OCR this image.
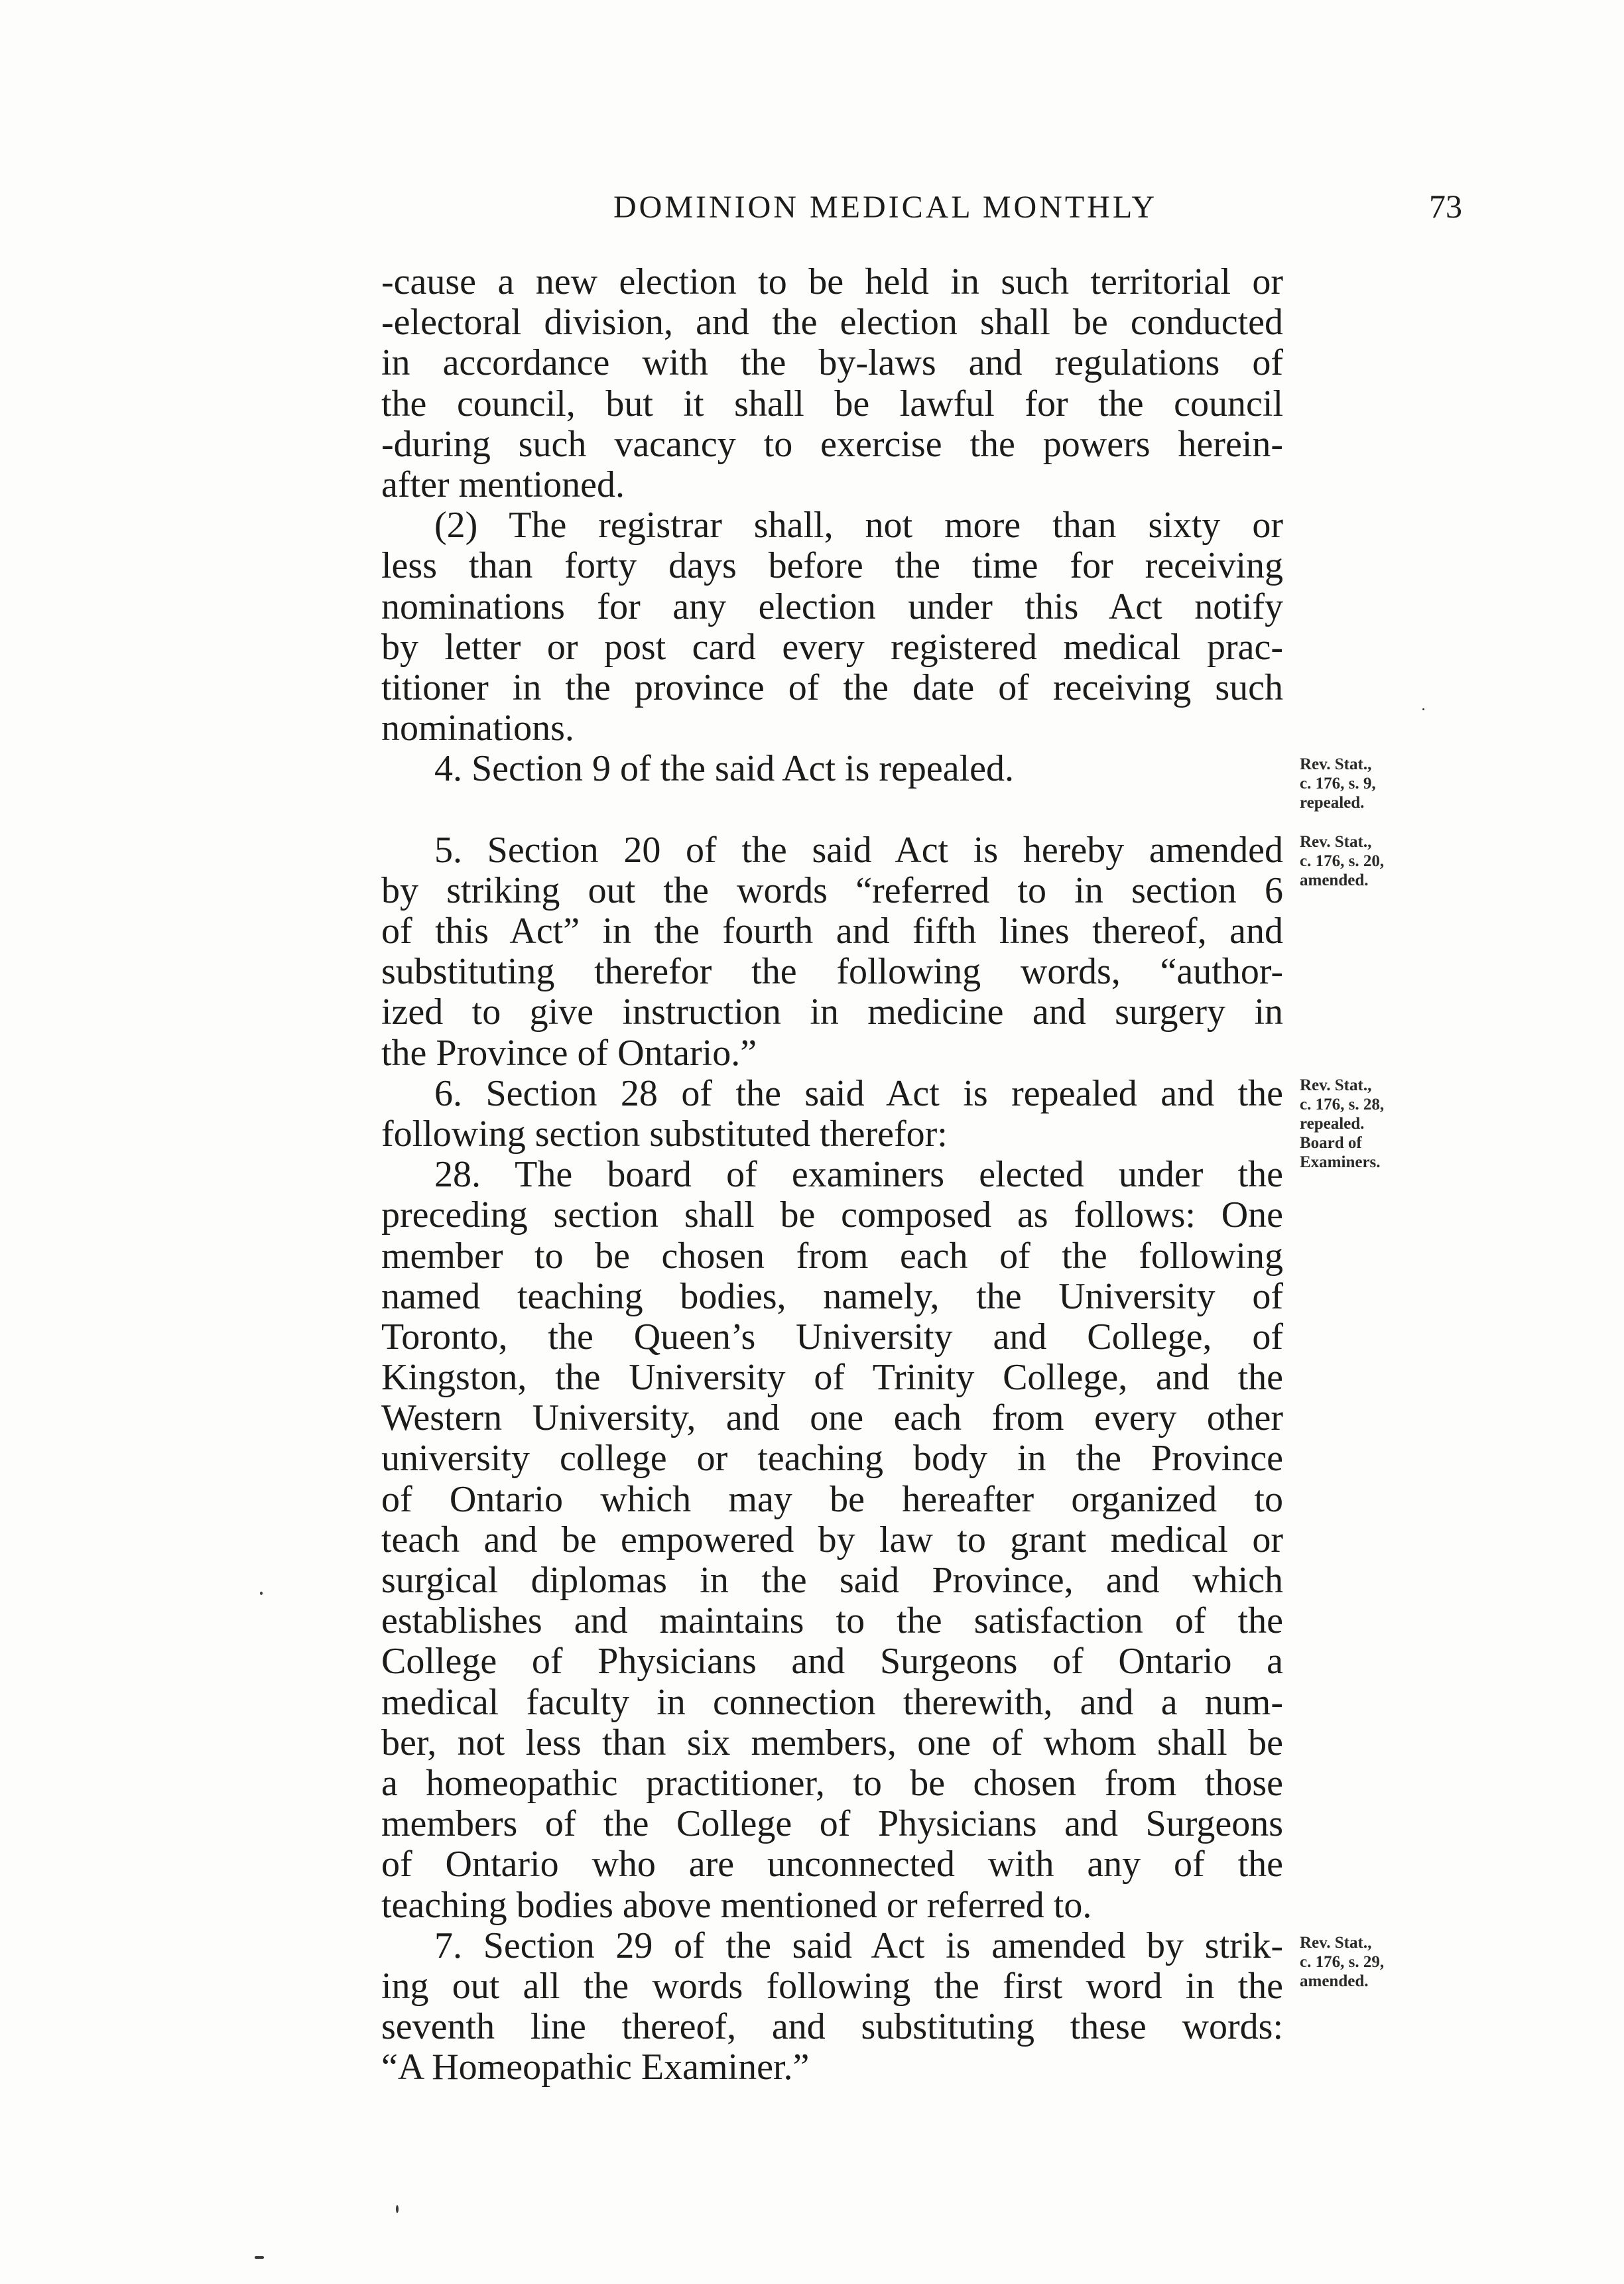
DOMINION MEDICAL MONTHLY	73
-cause a new election to be held in such territorial or
-electoral division, and the election shall be conducted
in accordance with the by-laws and regulations of
the council, but it shall be lawful for the council
-during such vacancy to exercise the powers herein-
after mentioned.
(2) The registrar shall, not more than sixty or
less than forty days before the time for receiving
nominations for any election under this Act notify
by letter or post card every registered medical prac-
titioner in the province of the date of receiving such
nominations.
4. Section 9 of the said Act is repealed.
5. Section 20 of the said Act is hereby amended
by striking out the words “referred to in section 6
of this Act” in the fourth and fifth lines thereof, and
substituting therefor the following words, “author-
ized to give instruction in medicine and surgery in
the Province of Ontario.”
6. Section 28 of the said Act is repealed and the
following section substituted therefor:
28. The board of examiners elected under the
preceding section shall be composed as follows: One
member to be chosen from each of the following
named teaching bodies, namely, the University of
Toronto, the Queen’s University and College, of
Kingston, the University of Trinity College, and the
Western University, and one each from every other
university college or teaching body in the Province
of Ontario which may be hereafter organized to
teach and be empowered by law to grant medical or
surgical diplomas in the said Province, and which
establishes and maintains to the satisfaction of the
College of Physicians and Surgeons of Ontario a
medical faculty in connection therewith, and a num-
ber, not less than six members, one of whom shall be
a homeopathic practitioner, to be chosen from those
members of the College of Physicians and Surgeons
of Ontario who are unconnected with any of the
teaching bodies above mentioned or referred to.
7. Section 29 of the said Act is amended by strik-
ing out all the words following the first word in the
seventh line thereof, and substituting these words:
“A Homeopathic Examiner.”
Rev. Stat.,
c. 176, s. 9,
repealed.
Rev. Stat.,
c. 176, s. 20,
amended.
Rev. Stat.,
c. 176, s. 28,
repealed.
Board of
Examiners.
Rev. Stat.,
c. 176, s. 29,
amended.
